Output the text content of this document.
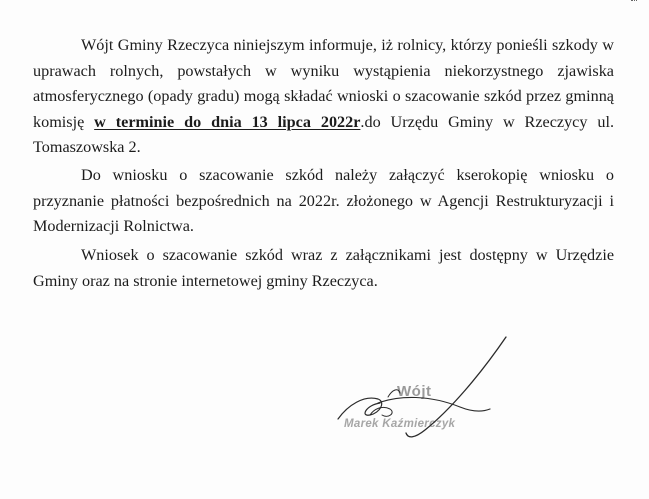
Wójt Gminy Rzeczyca niniejszym informuje, iż rolnicy, którzy ponieśli szkody w uprawach rolnych, powstałych w wyniku wystąpienia niekorzystnego zjawiska atmosferycznego (opady gradu) mogą składać wnioski o szacowanie szkód przez gminną komisję w terminie do dnia 13 lipca 2022r.do Urzędu Gminy w Rzeczycy ul. Tomaszowska 2.

Do wniosku o szacowanie szkód należy załączyć kserokopię wniosku o przyznanie płatności bezpośrednich na 2022r. złożonego w Agencji Restrukturyzacji i Modernizacji Rolnictwa.

Wniosek o szacowanie szkód wraz z załącznikami jest dostępny w Urzędzie Gminy oraz na stronie internetowej gminy Rzeczyca.

Wójt
Marek Kaźmierczyk
